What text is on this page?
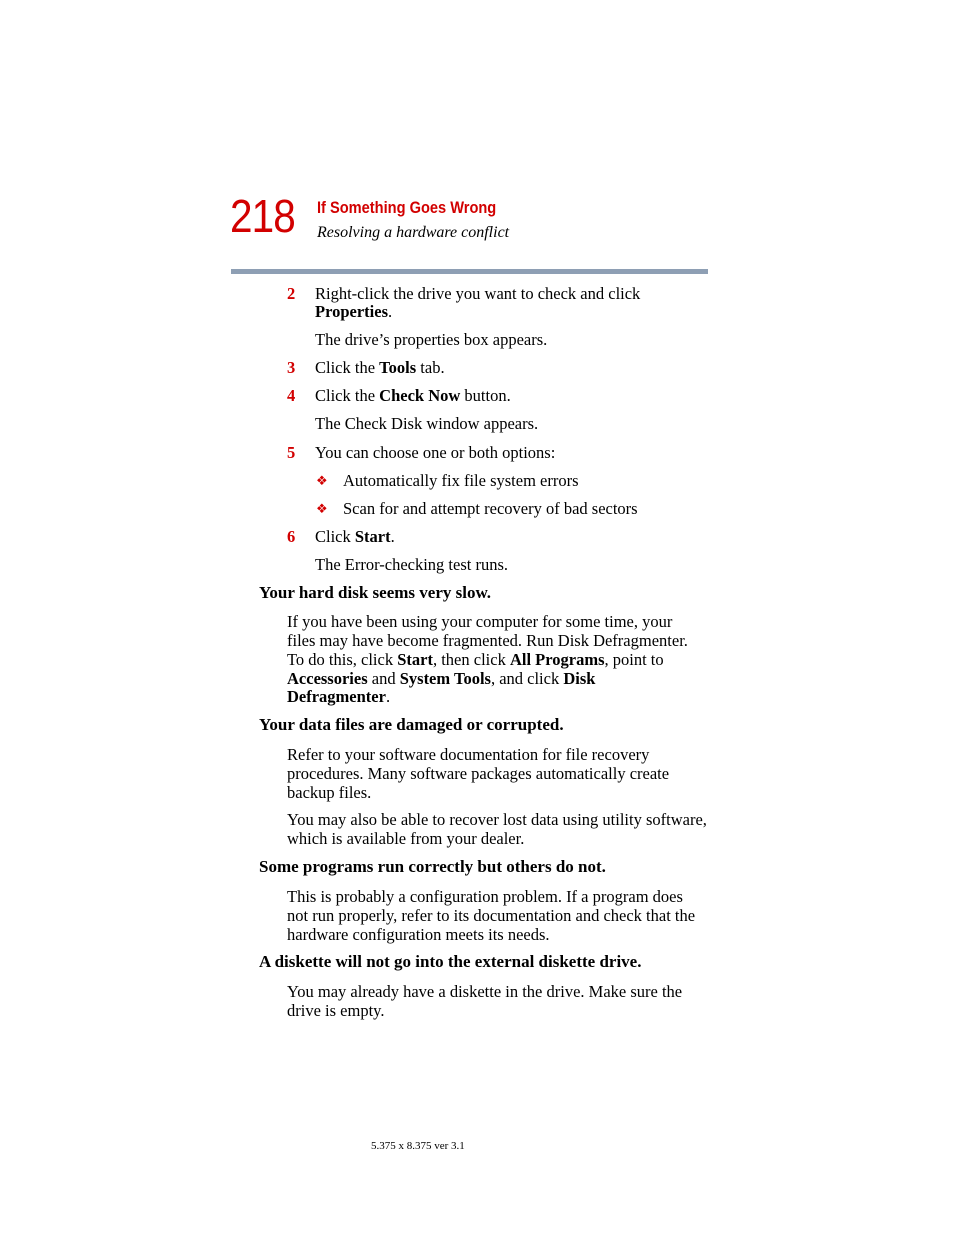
218 If Something Goes Wrong
Resolving a hardware conflict
2 Right-click the drive you want to check and click
Properties.
The drive’s properties box appears.
3 Click the Tools tab.
4 Click the Check Now button.
The Check Disk window appears.
5 You can choose one or both options:
❖ Automatically fix file system errors
❖ Scan for and attempt recovery of bad sectors
6 Click Start.
The Error-checking test runs.
Your hard disk seems very slow.
If you have been using your computer for some time, your
files may have become fragmented. Run Disk Defragmenter.
To do this, click Start, then click All Programs, point to
Accessories and System Tools, and click Disk
Defragmenter.
Your data files are damaged or corrupted.
Refer to your software documentation for file recovery procedures. Many software packages automatically create backup files.
You may also be able to recover lost data using utility software, which is available from your dealer.
Some programs run correctly but others do not.
This is probably a configuration problem. If a program does not run properly, refer to its documentation and check that the hardware configuration meets its needs.
A diskette will not go into the external diskette drive.
You may already have a diskette in the drive. Make sure the drive is empty.
5.375 x 8.375 ver 3.1
